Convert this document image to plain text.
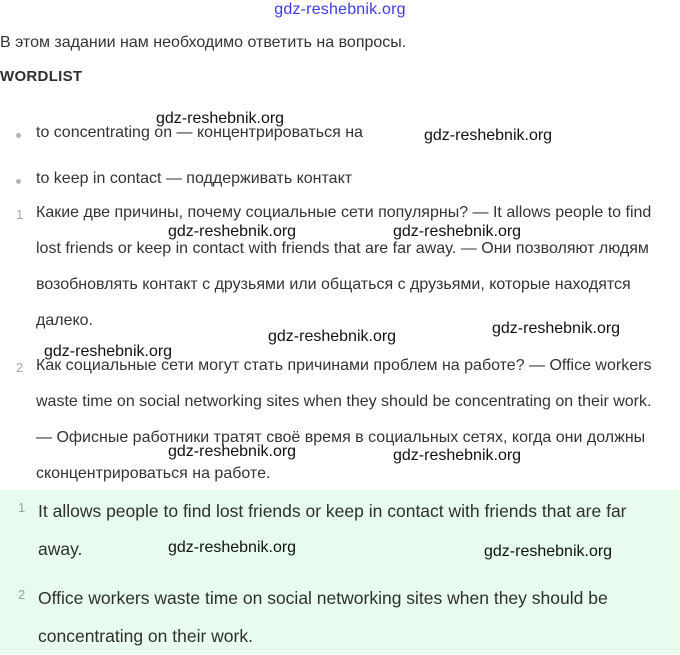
gdz-reshebnik.org
В этом задании нам необходимо ответить на вопросы.
WORDLIST
to concentrating on — концентрироваться на
to keep in contact — поддерживать контакт
1 Какие две причины, почему социальные сети популярны? — It allows people to find lost friends or keep in contact with friends that are far away. — Они позволяют людям возобновлять контакт с друзьями или общаться с друзьями, которые находятся далеко.
2 Как социальные сети могут стать причинами проблем на работе? — Office workers waste time on social networking sites when they should be concentrating on their work. — Офисные работники тратят своё время в социальных сетях, когда они должны сконцентрироваться на работе.
1 It allows people to find lost friends or keep in contact with friends that are far away.
2 Office workers waste time on social networking sites when they should be concentrating on their work.
gdz-reshebnik.org
gdz-reshebnik.org
gdz-reshebnik.org	gdz-reshebnik.org
gdz-reshebnik.org	gdz-reshebnik.org
gdz-reshebnik.org
gdz-reshebnik.org	gdz-reshebnik.org
gdz-reshebnik.org	gdz-reshebnik.org
